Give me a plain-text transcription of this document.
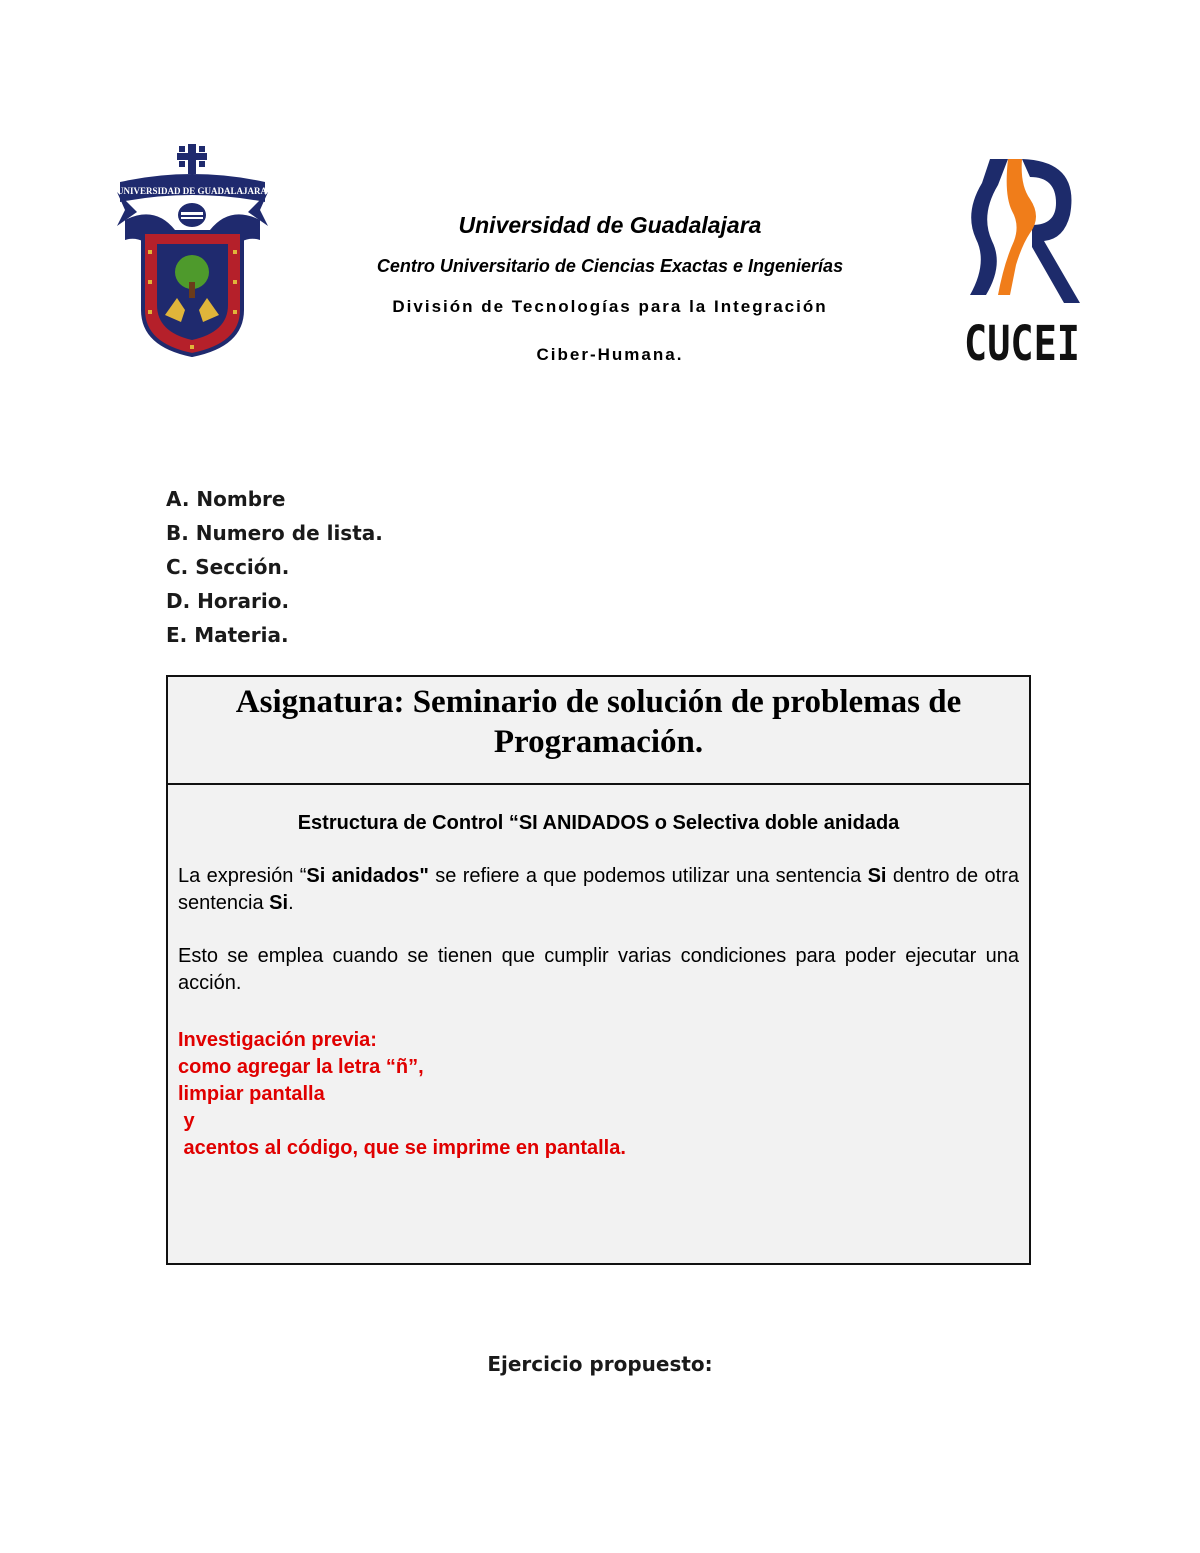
UNIVERSIDAD DE GUADALAJARA
CUCEI
Universidad de Guadalajara
Centro Universitario de Ciencias Exactas e Ingenierías
División de Tecnologías para la Integración
Ciber-Humana.
A. Nombre
B. Numero de lista.
C. Sección.
D. Horario.
E. Materia.
Asignatura: Seminario de solución de problemas de Programación.
Estructura de Control “SI ANIDADOS o Selectiva doble anidada
La expresión “Si anidados" se refiere a que podemos utilizar una sentencia Si dentro de otra sentencia Si.
Esto se emplea cuando se tienen que cumplir varias condiciones para poder ejecutar una acción.
Investigación previa:
como agregar la letra “ñ”,
limpiar pantalla
y
acentos al código, que se imprime en pantalla.
Ejercicio propuesto:
